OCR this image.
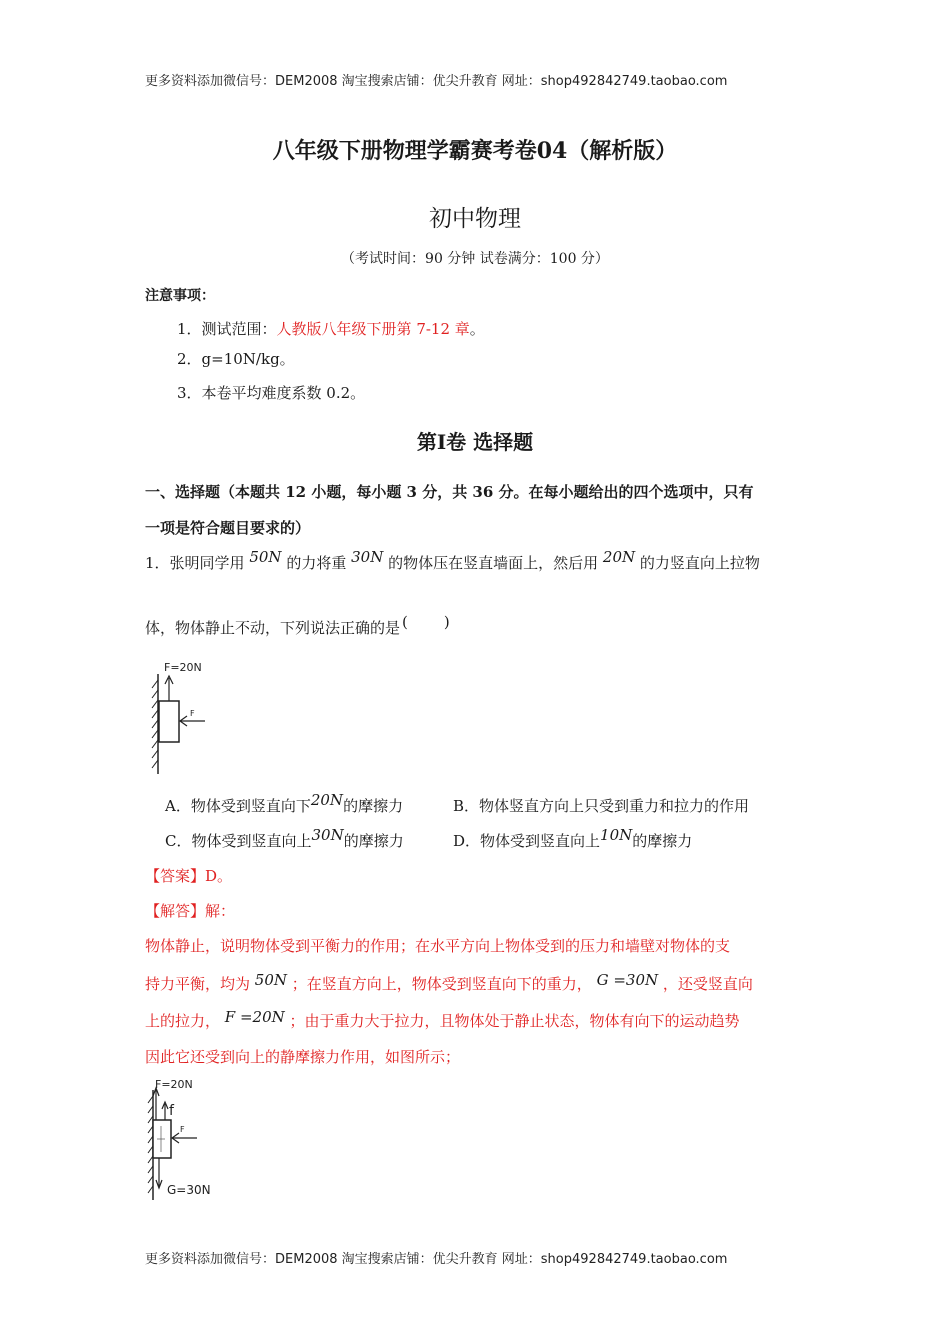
更多资料添加微信号：DEM2008 淘宝搜索店铺：优尖升教育 网址：shop492842749.taobao.com
八年级下册物理学霸赛考卷04（解析版）
初中物理
（考试时间：90 分钟 试卷满分：100 分）
注意事项：
1．测试范围：人教版八年级下册第 7-12 章。
2．g=10N/kg。
3．本卷平均难度系数 0.2。
第Ⅰ卷 选择题
一、选择题（本题共 12 小题，每小题 3 分，共 36 分。在每小题给出的四个选项中，只有
一项是符合题目要求的）
1．张明同学用 50N 的力将重 30N 的物体压在竖直墙面上，然后用 20N 的力竖直向上拉物
体，物体静止不动，下列说法正确的是 ( )
F=20N
F
A．物体受到竖直向下20N的摩擦力	B．物体竖直方向上只受到重力和拉力的作用
C．物体受到竖直向上30N的摩擦力	D．物体受到竖直向上10N的摩擦力
【答案】D。
【解答】解：
物体静止，说明物体受到平衡力的作用；在水平方向上物体受到的压力和墙壁对物体的支
持力平衡，均为 50N ；在竖直方向上，物体受到竖直向下的重力， G =30N ，还受竖直向
上的拉力， F =20N ；由于重力大于拉力，且物体处于静止状态，物体有向下的运动趋势
因此它还受到向上的静摩擦力作用，如图所示；
F=20N
f
F
G=30N
更多资料添加微信号：DEM2008 淘宝搜索店铺：优尖升教育 网址：shop492842749.taobao.com
